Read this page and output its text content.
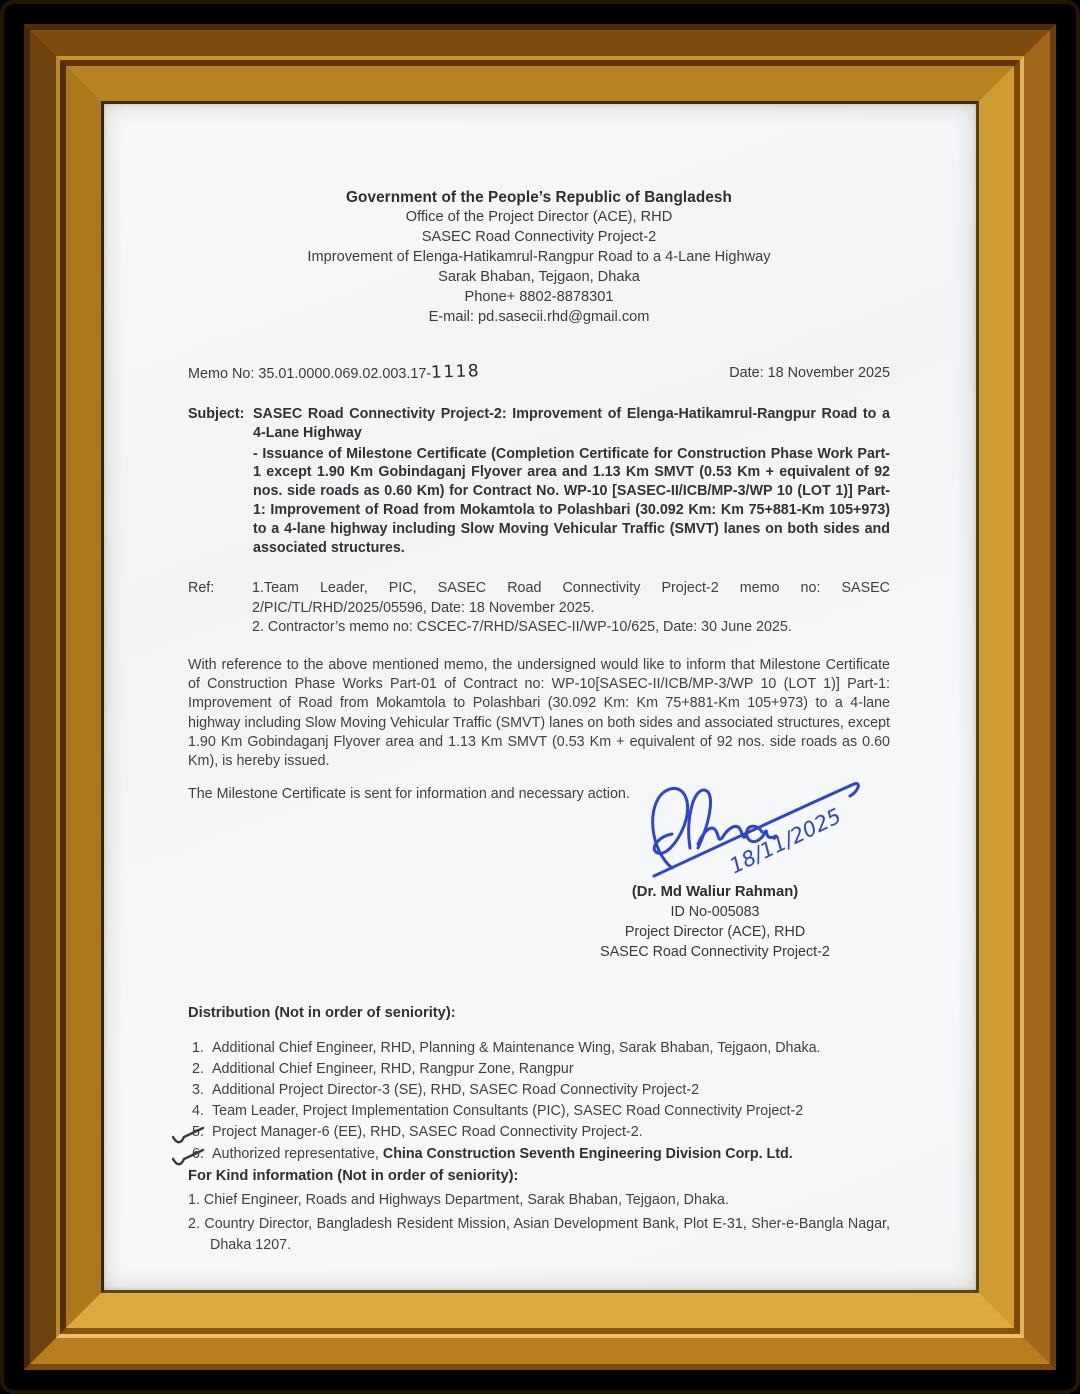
Government of the People’s Republic of Bangladesh
Office of the Project Director (ACE), RHD
SASEC Road Connectivity Project-2
Improvement of Elenga-Hatikamrul-Rangpur Road to a 4-Lane Highway
Sarak Bhaban, Tejgaon, Dhaka
Phone+ 8802-8878301
E-mail: pd.sasecii.rhd@gmail.com
Memo No: 35.01.0000.069.02.003.17-1118	Date: 18 November 2025
Subject: SASEC Road Connectivity Project-2: Improvement of Elenga-Hatikamrul-Rangpur Road to a 4-Lane Highway
- Issuance of Milestone Certificate (Completion Certificate for Construction Phase Work Part-1 except 1.90 Km Gobindaganj Flyover area and 1.13 Km SMVT (0.53 Km + equivalent of 92 nos. side roads as 0.60 Km) for Contract No. WP-10 [SASEC-II/ICB/MP-3/WP 10 (LOT 1)] Part-1: Improvement of Road from Mokamtola to Polashbari (30.092 Km: Km 75+881-Km 105+973) to a 4-lane highway including Slow Moving Vehicular Traffic (SMVT) lanes on both sides and associated structures.
Ref:	1.Team Leader, PIC, SASEC Road Connectivity Project-2 memo no: SASEC 2/PIC/TL/RHD/2025/05596, Date: 18 November 2025.
2. Contractor’s memo no: CSCEC-7/RHD/SASEC-II/WP-10/625, Date: 30 June 2025.
With reference to the above mentioned memo, the undersigned would like to inform that Milestone Certificate of Construction Phase Works Part-01 of Contract no: WP-10[SASEC-II/ICB/MP-3/WP 10 (LOT 1)] Part-1: Improvement of Road from Mokamtola to Polashbari (30.092 Km: Km 75+881-Km 105+973) to a 4-lane highway including Slow Moving Vehicular Traffic (SMVT) lanes on both sides and associated structures, except 1.90 Km Gobindaganj Flyover area and 1.13 Km SMVT (0.53 Km + equivalent of 92 nos. side roads as 0.60 Km), is hereby issued.
The Milestone Certificate is sent for information and necessary action.
18/11/2025
(Dr. Md Waliur Rahman)
ID No-005083
Project Director (ACE), RHD
SASEC Road Connectivity Project-2
Distribution (Not in order of seniority):
1. Additional Chief Engineer, RHD, Planning & Maintenance Wing, Sarak Bhaban, Tejgaon, Dhaka.
2. Additional Chief Engineer, RHD, Rangpur Zone, Rangpur
3. Additional Project Director-3 (SE), RHD, SASEC Road Connectivity Project-2
4. Team Leader, Project Implementation Consultants (PIC), SASEC Road Connectivity Project-2
5. Project Manager-6 (EE), RHD, SASEC Road Connectivity Project-2.
6. Authorized representative, China Construction Seventh Engineering Division Corp. Ltd.
For Kind information (Not in order of seniority):
1. Chief Engineer, Roads and Highways Department, Sarak Bhaban, Tejgaon, Dhaka.
2. Country Director, Bangladesh Resident Mission, Asian Development Bank, Plot E-31, Sher-e-Bangla Nagar, Dhaka 1207.
